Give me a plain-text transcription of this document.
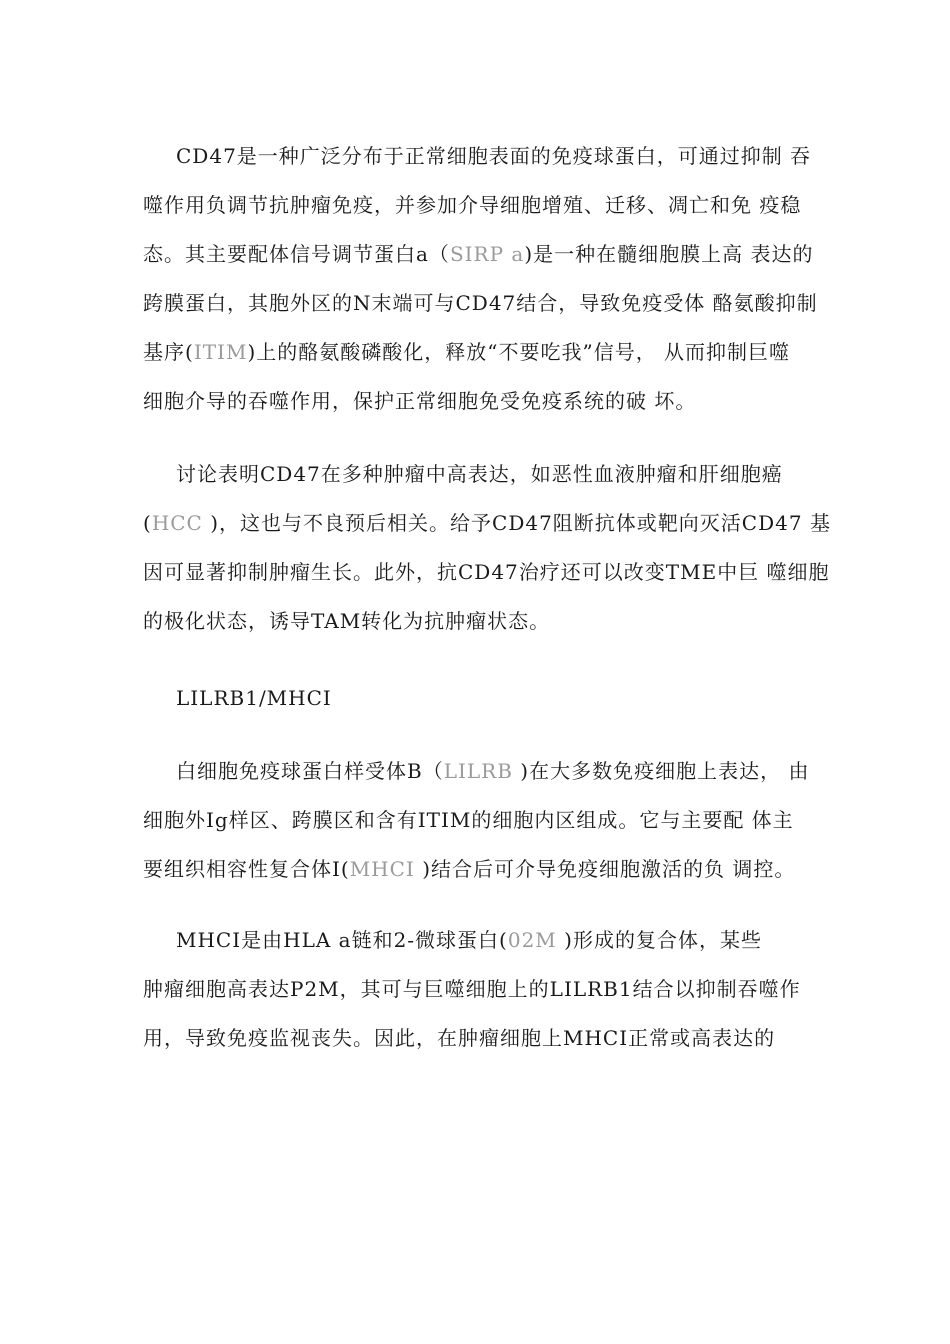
CD47是一种广泛分布于正常细胞表面的免疫球蛋白，可通过抑制 吞
噬作用负调节抗肿瘤免疫，并参加介导细胞增殖、迁移、凋亡和免 疫稳
态。其主要配体信号调节蛋白a（SIRP a)是一种在髓细胞膜上高 表达的
跨膜蛋白，其胞外区的N末端可与CD47结合，导致免疫受体 酪氨酸抑制
基序(ITIM)上的酪氨酸磷酸化，释放“不要吃我”信号， 从而抑制巨噬
细胞介导的吞噬作用，保护正常细胞免受免疫系统的破 坏。
讨论表明CD47在多种肿瘤中高表达，如恶性血液肿瘤和肝细胞癌
(HCC )，这也与不良预后相关。给予CD47阻断抗体或靶向灭活CD47 基
因可显著抑制肿瘤生长。此外，抗CD47治疗还可以改变TME中巨 噬细胞
的极化状态，诱导TAM转化为抗肿瘤状态。
LILRB1/MHCI
白细胞免疫球蛋白样受体B（LILRB )在大多数免疫细胞上表达， 由
细胞外Ig样区、跨膜区和含有ITIM的细胞内区组成。它与主要配 体主
要组织相容性复合体I(MHCI )结合后可介导免疫细胞激活的负 调控。
MHCI是由HLA a链和2-微球蛋白(02M )形成的复合体，某些
肿瘤细胞高表达P2M，其可与巨噬细胞上的LILRB1结合以抑制吞噬作
用，导致免疫监视丧失。因此，在肿瘤细胞上MHCI正常或高表达的
